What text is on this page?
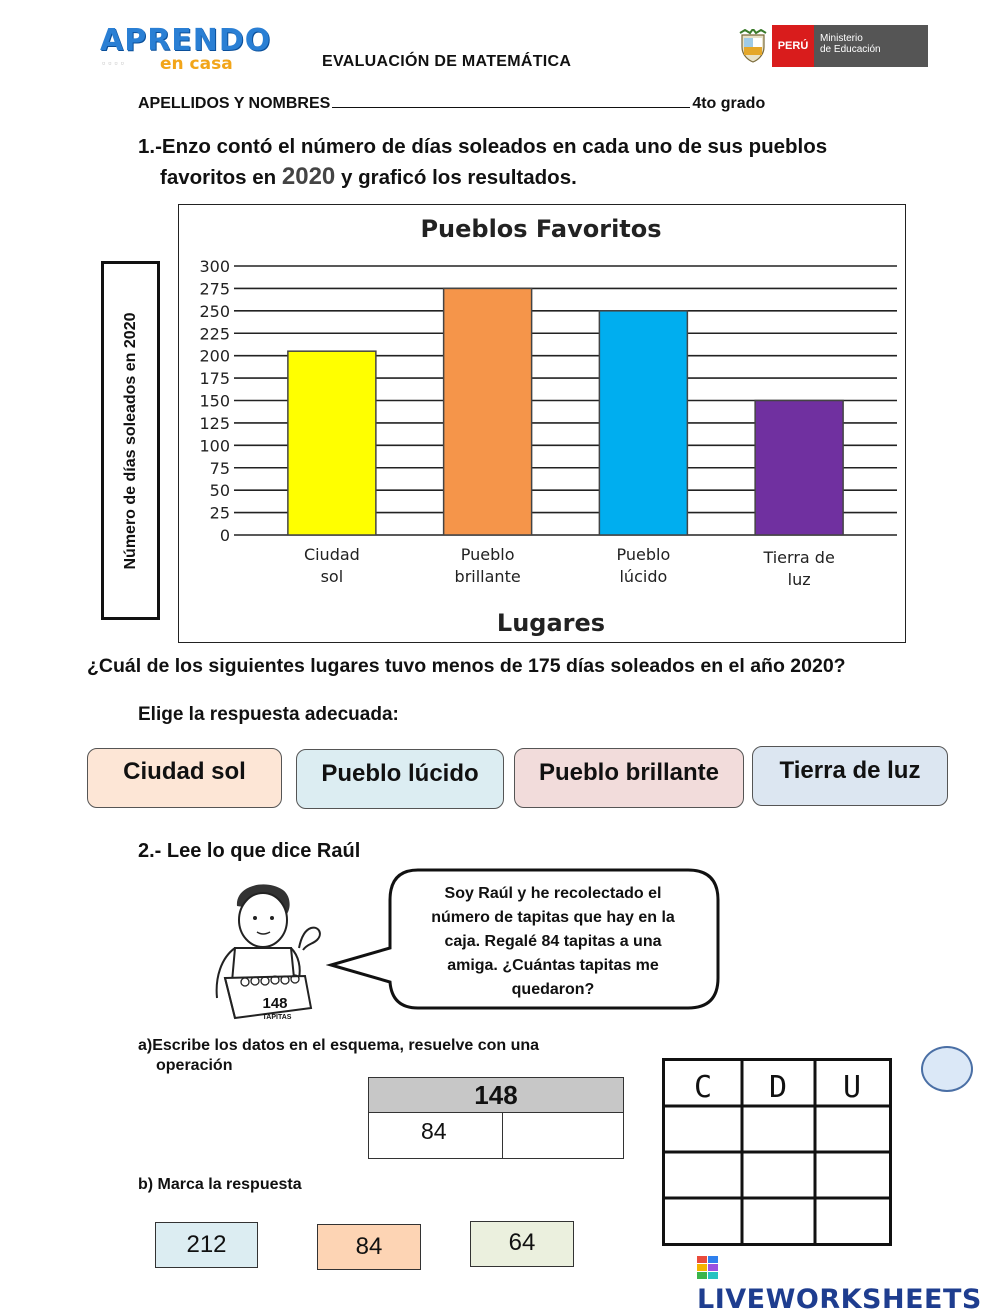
APRENDO
▫▫▫▫ en casa	EVALUACIÓN DE MATEMÁTICA
PERÚ
Ministerio
de Educación
APELLIDOS Y NOMBRES	4to grado
1.-Enzo contó el número de días soleados en cada uno de sus pueblos
favoritos en 2020 y graficó los resultados.
Pueblos Favoritos
0
25
50
75
100
125
150
175
200
225
250
275
300
Ciudad
sol
Pueblo
brillante
Pueblo
lúcido
Tierra de
luz
Lugares
Número de días soleados en 2020
¿Cuál de los siguientes lugares tuvo menos de 175 días soleados en el año 2020?
Elige la respuesta adecuada:
Ciudad sol	Pueblo lúcido	Pueblo brillante	Tierra de luz
2.- Lee lo que dice Raúl
148
TAPITAS
Soy Raúl y he recolectado el
número de tapitas que hay en la
caja. Regalé 84 tapitas a una
amiga. ¿Cuántas tapitas me
quedaron?
a)Escribe los datos en el esquema, resuelve con una
operación
148
84
C D U
b) Marca la respuesta
212	84	64
LIVEWORKSHEETS
